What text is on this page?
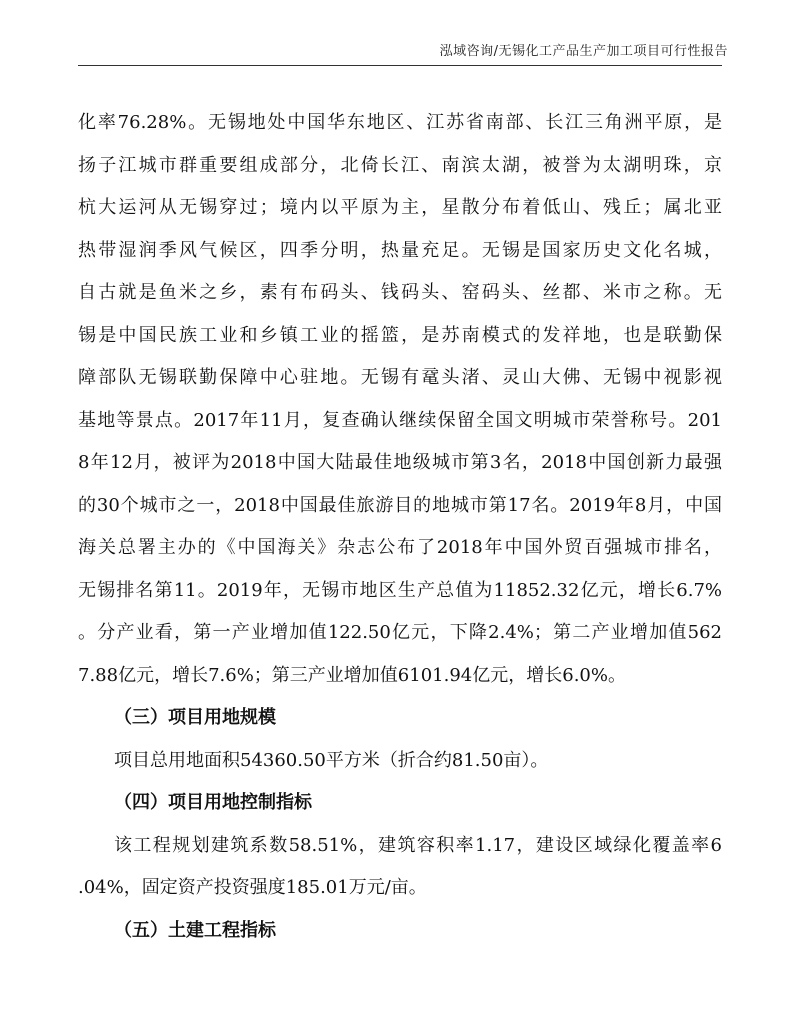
泓域咨询/无锡化工产品生产加工项目可行性报告
化率76.28%。无锡地处中国华东地区、江苏省南部、长江三角洲平原，是
扬子江城市群重要组成部分，北倚长江、南滨太湖，被誉为太湖明珠，京
杭大运河从无锡穿过；境内以平原为主，星散分布着低山、残丘；属北亚
热带湿润季风气候区，四季分明，热量充足。无锡是国家历史文化名城，
自古就是鱼米之乡，素有布码头、钱码头、窑码头、丝都、米市之称。无
锡是中国民族工业和乡镇工业的摇篮，是苏南模式的发祥地，也是联勤保
障部队无锡联勤保障中心驻地。无锡有鼋头渚、灵山大佛、无锡中视影视
基地等景点。2017年11月，复查确认继续保留全国文明城市荣誉称号。201
8年12月，被评为2018中国大陆最佳地级城市第3名，2018中国创新力最强
的30个城市之一，2018中国最佳旅游目的地城市第17名。2019年8月，中国
海关总署主办的《中国海关》杂志公布了2018年中国外贸百强城市排名，
无锡排名第11。2019年，无锡市地区生产总值为11852.32亿元，增长6.7%
。分产业看，第一产业增加值122.50亿元，下降2.4%；第二产业增加值562
7.88亿元，增长7.6%；第三产业增加值6101.94亿元，增长6.0%。
（三）项目用地规模
项目总用地面积54360.50平方米（折合约81.50亩）。
（四）项目用地控制指标
该工程规划建筑系数58.51%，建筑容积率1.17，建设区域绿化覆盖率6
.04%，固定资产投资强度185.01万元/亩。
（五）土建工程指标
